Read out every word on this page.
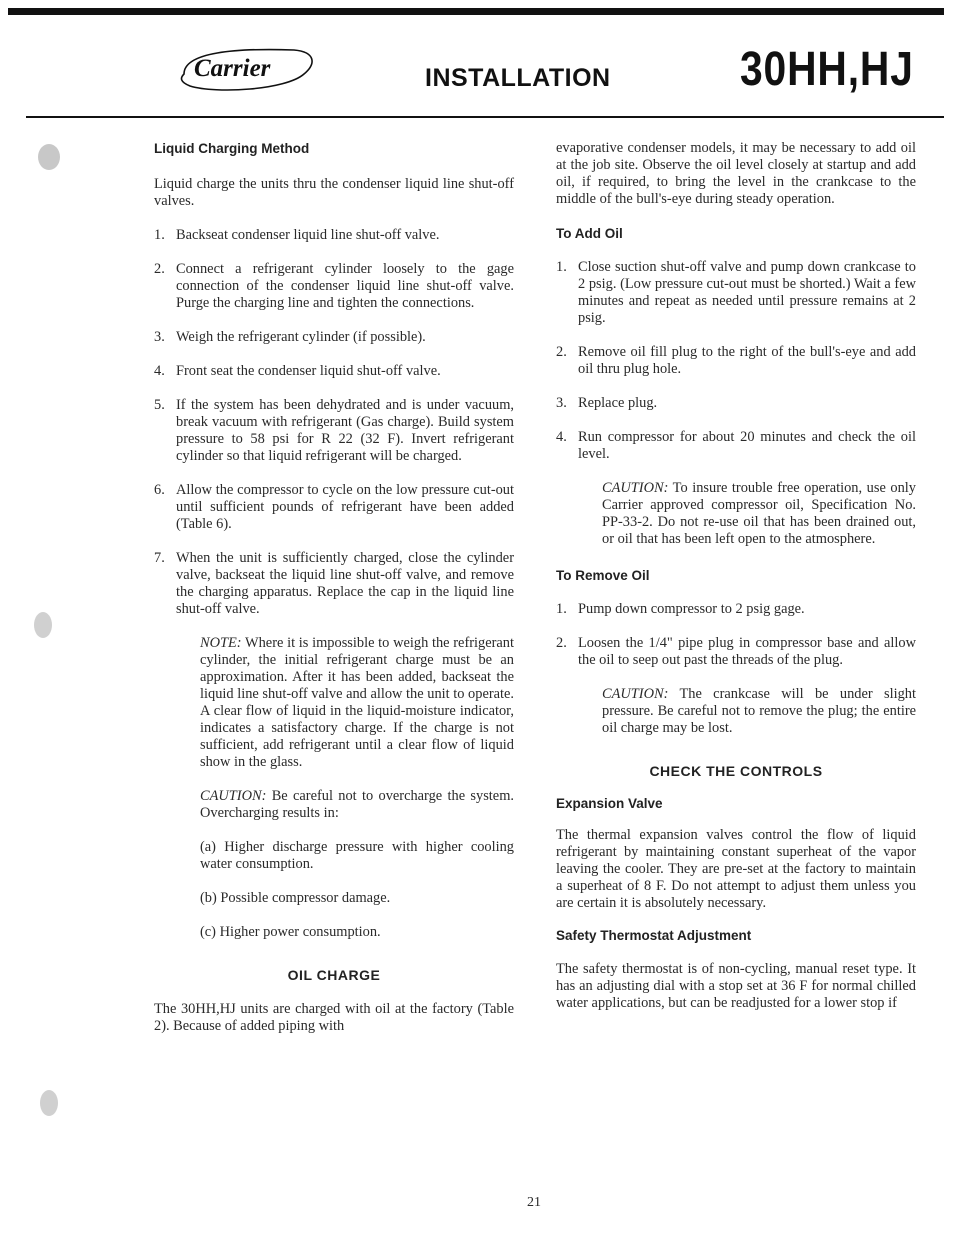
Carrier	INSTALLATION	30HH,HJ
Liquid Charging Method

Liquid charge the units thru the condenser liquid line shut-off valves.

1. Backseat condenser liquid line shut-off valve.
2. Connect a refrigerant cylinder loosely to the gage connection of the condenser liquid line shut-off valve. Purge the charging line and tighten the connections.
3. Weigh the refrigerant cylinder (if possible).
4. Front seat the condenser liquid shut-off valve.
5. If the system has been dehydrated and is under vacuum, break vacuum with refrigerant (Gas charge). Build system pressure to 58 psi for R 22 (32 F). Invert refrigerant cylinder so that liquid refrigerant will be charged.
6. Allow the compressor to cycle on the low pressure cut-out until sufficient pounds of refrigerant have been added (Table 6).
7. When the unit is sufficiently charged, close the cylinder valve, backseat the liquid line shut-off valve, and remove the charging apparatus. Replace the cap in the liquid line shut-off valve.

NOTE: Where it is impossible to weigh the refrigerant cylinder, the initial refrigerant charge must be an approximation. After it has been added, backseat the liquid line shut-off valve and allow the unit to operate. A clear flow of liquid in the liquid-moisture indicator, indicates a satisfactory charge. If the charge is not sufficient, add refrigerant until a clear flow of liquid show in the glass.

CAUTION: Be careful not to overcharge the system. Overcharging results in:

(a) Higher discharge pressure with higher cooling water consumption.

(b) Possible compressor damage.

(c) Higher power consumption.

OIL CHARGE

The 30HH,HJ units are charged with oil at the factory (Table 2). Because of added piping with

evaporative condenser models, it may be necessary to add oil at the job site. Observe the oil level closely at startup and add oil, if required, to bring the level in the crankcase to the middle of the bull's-eye during steady operation.

To Add Oil
1. Close suction shut-off valve and pump down crankcase to 2 psig. (Low pressure cut-out must be shorted.) Wait a few minutes and repeat as needed until pressure remains at 2 psig.
2. Remove oil fill plug to the right of the bull's-eye and add oil thru plug hole.
3. Replace plug.
4. Run compressor for about 20 minutes and check the oil level.

CAUTION: To insure trouble free operation, use only Carrier approved compressor oil, Specification No. PP-33-2. Do not re-use oil that has been drained out, or oil that has been left open to the atmosphere.

To Remove Oil
1. Pump down compressor to 2 psig gage.
2. Loosen the 1/4" pipe plug in compressor base and allow the oil to seep out past the threads of the plug.

CAUTION: The crankcase will be under slight pressure. Be careful not to remove the plug; the entire oil charge may be lost.

CHECK THE CONTROLS
Expansion Valve

The thermal expansion valves control the flow of liquid refrigerant by maintaining constant superheat of the vapor leaving the cooler. They are pre-set at the factory to maintain a superheat of 8 F. Do not attempt to adjust them unless you are certain it is absolutely necessary.

Safety Thermostat Adjustment

The safety thermostat is of non-cycling, manual reset type. It has an adjusting dial with a stop set at 36 F for normal chilled water applications, but can be readjusted for a lower stop if

21
